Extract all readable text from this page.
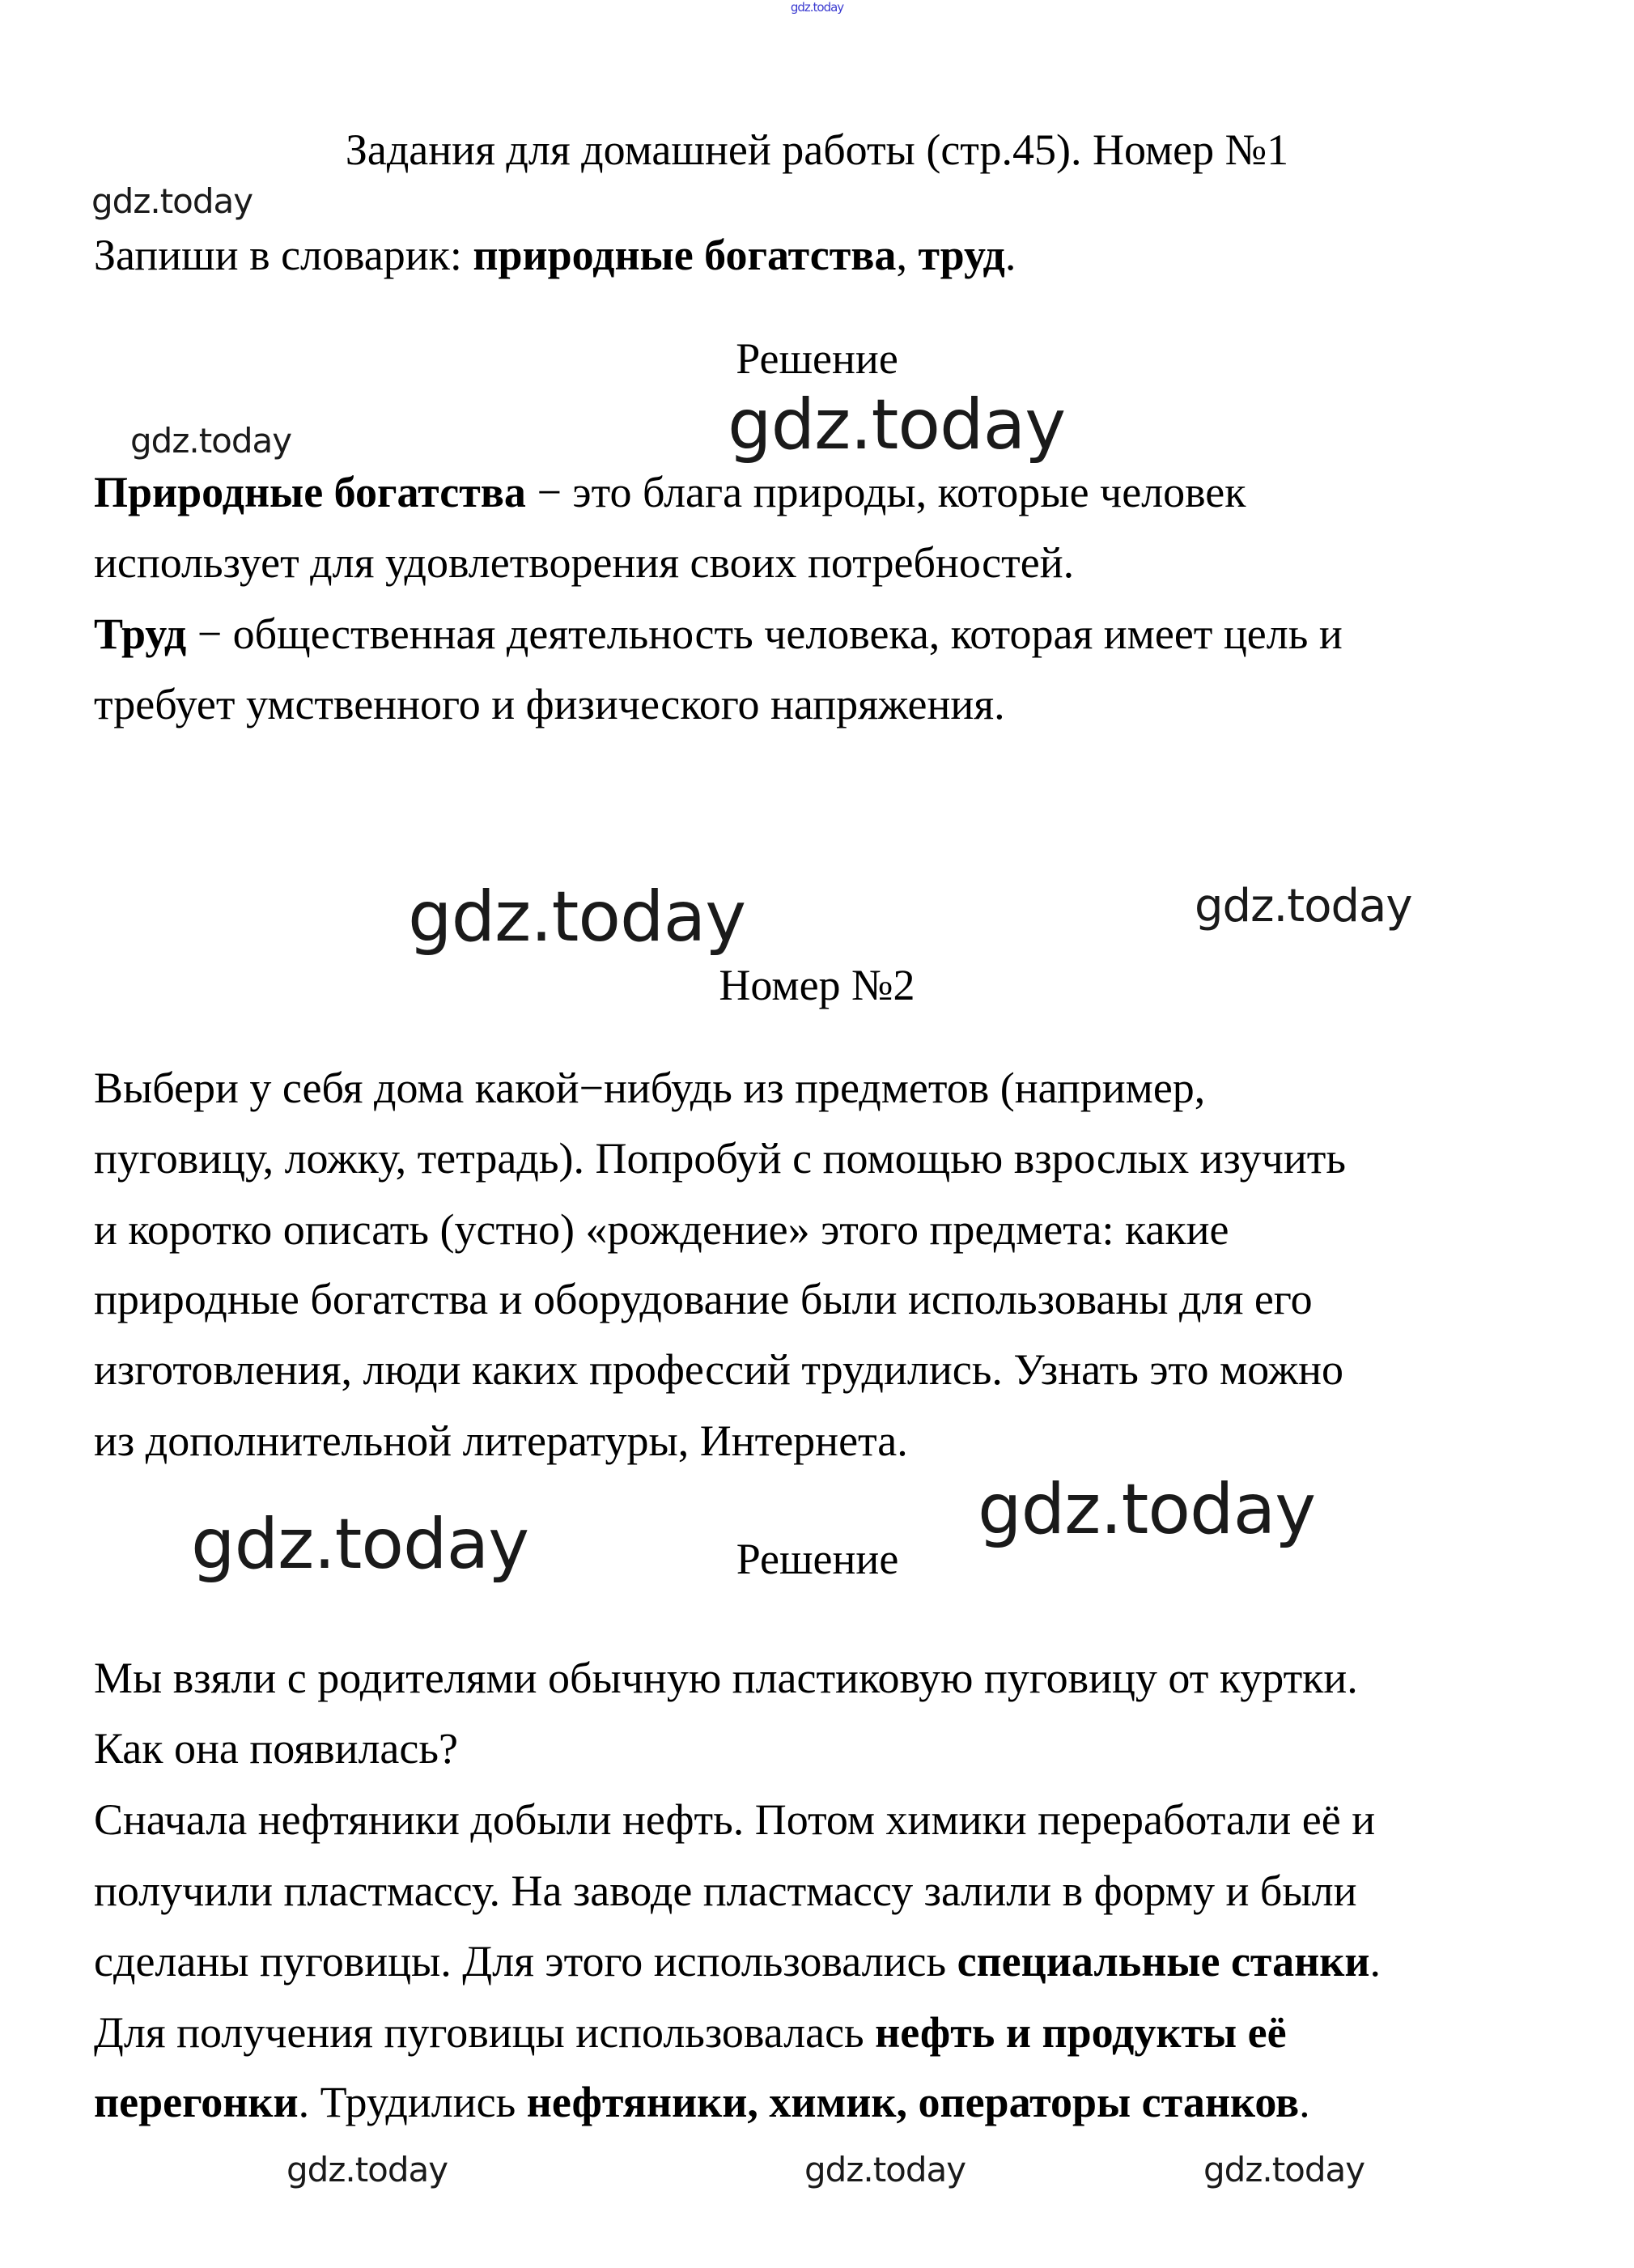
gdz.today
Задания для домашней работы (стр.45). Номер №1
gdz.today
Запиши в словарик: природные богатства, труд.
Решение
gdz.today
gdz.today
Природные богатства − это блага природы, которые человек
использует для удовлетворения своих потребностей.
Труд − общественная деятельность человека, которая имеет цель и
требует умственного и физического напряжения.
gdz.today	gdz.today
Номер №2
Выбери у себя дома какой−нибудь из предметов (например,
пуговицу, ложку, тетрадь). Попробуй с помощью взрослых изучить
и коротко описать (устно) «рождение» этого предмета: какие
природные богатства и оборудование были использованы для его
изготовления, люди каких профессий трудились. Узнать это можно
из дополнительной литературы, Интернета.
gdz.today
gdz.today	Решение
Мы взяли с родителями обычную пластиковую пуговицу от куртки.
Как она появилась?
Сначала нефтяники добыли нефть. Потом химики переработали её и
получили пластмассу. На заводе пластмассу залили в форму и были
сделаны пуговицы. Для этого использовались специальные станки.
Для получения пуговицы использовалась нефть и продукты её
перегонки. Трудились нефтяники, химик, операторы станков.
gdz.today
gdz.today	gdz.today
